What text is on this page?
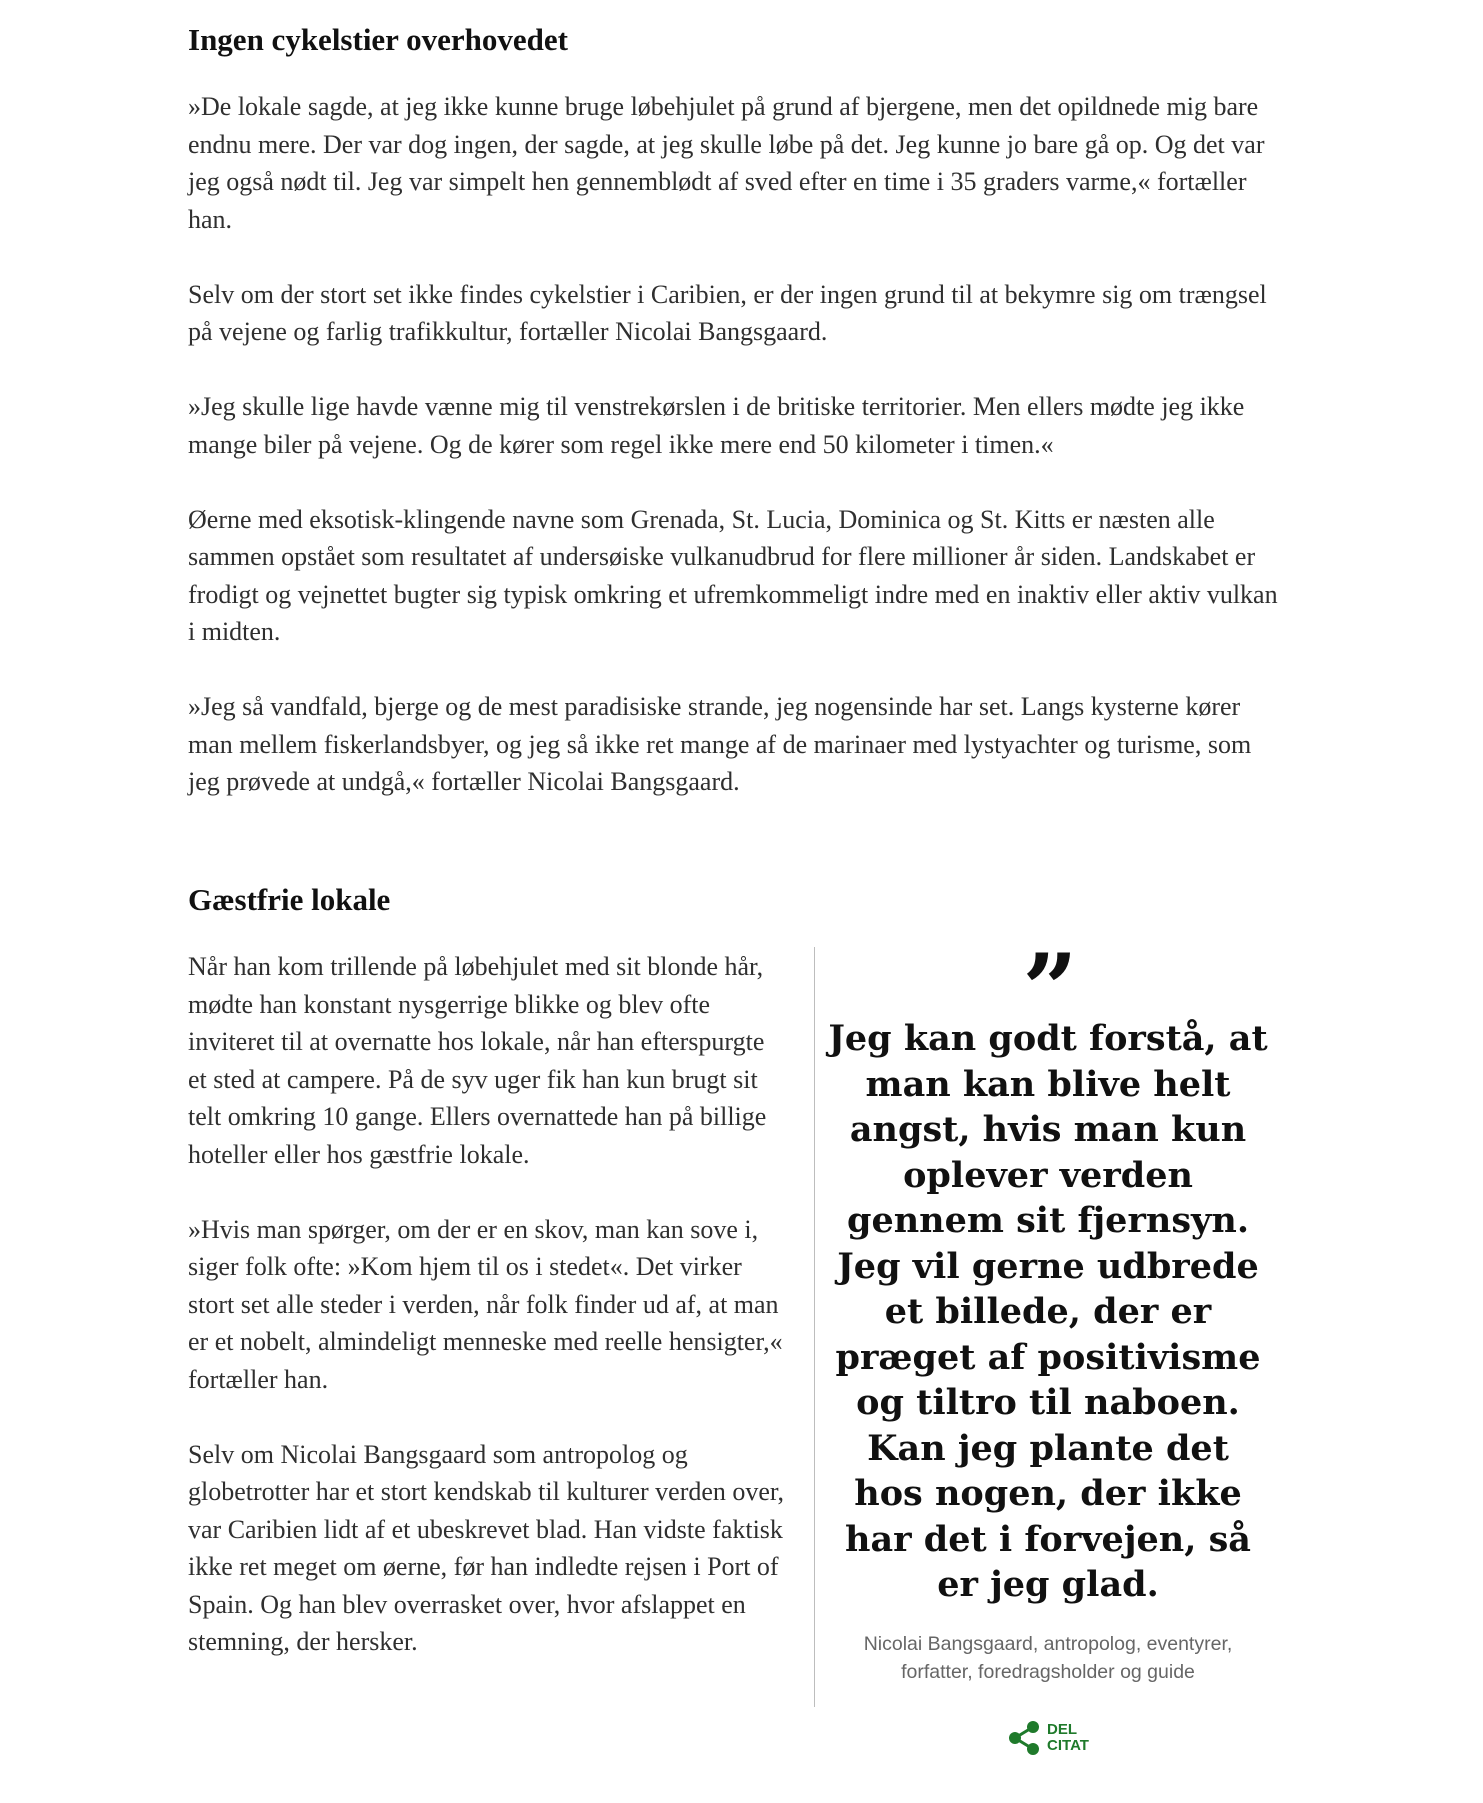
Ingen cykelstier overhovedet

»De lokale sagde, at jeg ikke kunne bruge løbehjulet på grund af bjergene, men det opildnede mig bare endnu mere. Der var dog ingen, der sagde, at jeg skulle løbe på det. Jeg kunne jo bare gå op. Og det var jeg også nødt til. Jeg var simpelt hen gennemblødt af sved efter en time i 35 graders varme,« fortæller han.

Selv om der stort set ikke findes cykelstier i Caribien, er der ingen grund til at bekymre sig om trængsel på vejene og farlig trafikkultur, fortæller Nicolai Bangsgaard.

»Jeg skulle lige havde vænne mig til venstrekørslen i de britiske territorier. Men ellers mødte jeg ikke mange biler på vejene. Og de kører som regel ikke mere end 50 kilometer i timen.«

Øerne med eksotisk-klingende navne som Grenada, St. Lucia, Dominica og St. Kitts er næsten alle sammen opstået som resultatet af undersøiske vulkanudbrud for flere millioner år siden. Landskabet er frodigt og vejnettet bugter sig typisk omkring et ufremkommeligt indre med en inaktiv eller aktiv vulkan i midten.

»Jeg så vandfald, bjerge og de mest paradisiske strande, jeg nogensinde har set. Langs kysterne kører man mellem fiskerlandsbyer, og jeg så ikke ret mange af de marinaer med lystyachter og turisme, som jeg prøvede at undgå,« fortæller Nicolai Bangsgaard.

Gæstfrie lokale

Når han kom trillende på løbehjulet med sit blonde hår, mødte han konstant nysgerrige blikke og blev ofte inviteret til at overnatte hos lokale, når han efterspurgte et sted at campere. På de syv uger fik han kun brugt sit telt omkring 10 gange. Ellers overnattede han på billige hoteller eller hos gæstfrie lokale.

»Hvis man spørger, om der er en skov, man kan sove i, siger folk ofte: »Kom hjem til os i stedet«. Det virker stort set alle steder i verden, når folk finder ud af, at man er et nobelt, almindeligt menneske med reelle hensigter,« fortæller han.

Selv om Nicolai Bangsgaard som antropolog og globetrotter har et stort kendskab til kulturer verden over, var Caribien lidt af et ubeskrevet blad. Han vidste faktisk ikke ret meget om øerne, før han indledte rejsen i Port of Spain. Og han blev overrasket over, hvor afslappet en stemning, der hersker.

”

Jeg kan godt forstå, at man kan blive helt angst, hvis man kun oplever verden gennem sit fjernsyn. Jeg vil gerne udbrede et billede, der er præget af positivisme og tiltro til naboen. Kan jeg plante det hos nogen, der ikke har det i forvejen, så er jeg glad.

Nicolai Bangsgaard, antropolog, eventyrer, forfatter, foredragsholder og guide

DEL
CITAT
